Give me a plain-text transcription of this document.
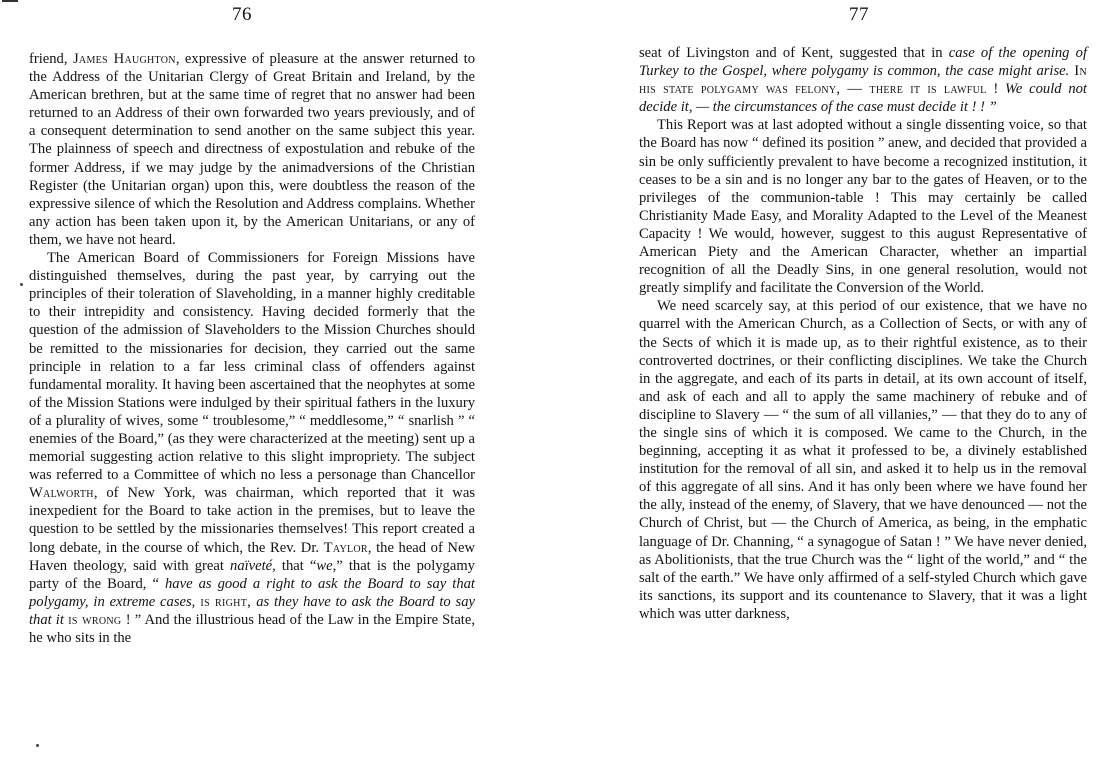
76

friend, James Haughton, expressive of pleasure at the answer returned to the Address of the Unitarian Clergy of Great Britain and Ireland, by the American brethren, but at the same time of regret that no answer had been returned to an Address of their own forwarded two years previously, and of a consequent determination to send another on the same subject this year. The plainness of speech and directness of expostulation and rebuke of the former Address, if we may judge by the animadversions of the Christian Register (the Unitarian organ) upon this, were doubtless the reason of the expressive silence of which the Resolution and Address complains. Whether any action has been taken upon it, by the American Unitarians, or any of them, we have not heard.

The American Board of Commissioners for Foreign Missions have distinguished themselves, during the past year, by carrying out the principles of their toleration of Slaveholding, in a manner highly creditable to their intrepidity and consistency. Having decided formerly that the question of the admission of Slaveholders to the Mission Churches should be remitted to the missionaries for decision, they carried out the same principle in relation to a far less criminal class of offenders against fundamental morality. It having been ascertained that the neophytes at some of the Mission Stations were indulged by their spiritual fathers in the luxury of a plurality of wives, some “ troublesome,” “ meddlesome,” “ snarlish ” “ enemies of the Board,” (as they were characterized at the meeting) sent up a memorial suggesting action relative to this slight impropriety. The subject was referred to a Committee of which no less a personage than Chancellor Walworth, of New York, was chairman, which reported that it was inexpedient for the Board to take action in the premises, but to leave the question to be settled by the missionaries themselves! This report created a long debate, in the course of which, the Rev. Dr. Taylor, the head of New Haven theology, said with great naïveté, that “we,” that is the polygamy party of the Board, “ have as good a right to ask the Board to say that polygamy, in extreme cases, is right, as they have to ask the Board to say that it is wrong ! ” And the illustrious head of the Law in the Empire State, he who sits in the

77

seat of Livingston and of Kent, suggested that in case of the opening of Turkey to the Gospel, where polygamy is common, the case might arise. In his state polygamy was felony, — there it is lawful ! We could not decide it, — the circumstances of the case must decide it ! ! ”

This Report was at last adopted without a single dissenting voice, so that the Board has now “ defined its position ” anew, and decided that provided a sin be only sufficiently prevalent to have become a recognized institution, it ceases to be a sin and is no longer any bar to the gates of Heaven, or to the privileges of the communion-table ! This may certainly be called Christianity Made Easy, and Morality Adapted to the Level of the Meanest Capacity ! We would, however, suggest to this august Representative of American Piety and the American Character, whether an impartial recognition of all the Deadly Sins, in one general resolution, would not greatly simplify and facilitate the Conversion of the World.

We need scarcely say, at this period of our existence, that we have no quarrel with the American Church, as a Collection of Sects, or with any of the Sects of which it is made up, as to their rightful existence, as to their controverted doctrines, or their conflicting disciplines. We take the Church in the aggregate, and each of its parts in detail, at its own account of itself, and ask of each and all to apply the same machinery of rebuke and of discipline to Slavery — “ the sum of all villanies,” — that they do to any of the single sins of which it is composed. We came to the Church, in the beginning, accepting it as what it professed to be, a divinely established institution for the removal of all sin, and asked it to help us in the removal of this aggregate of all sins. And it has only been where we have found her the ally, instead of the enemy, of Slavery, that we have denounced — not the Church of Christ, but — the Church of America, as being, in the emphatic language of Dr. Channing, “ a synagogue of Satan ! ” We have never denied, as Abolitionists, that the true Church was the “ light of the world,” and “ the salt of the earth.” We have only affirmed of a self-styled Church which gave its sanctions, its support and its countenance to Slavery, that it was a light which was utter darkness,
